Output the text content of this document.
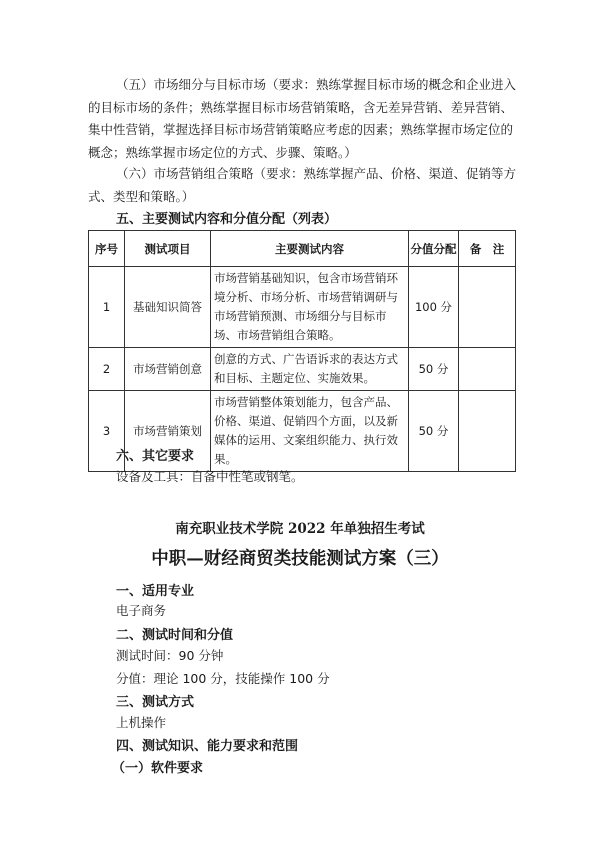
（五）市场细分与目标市场（要求：熟练掌握目标市场的概念和企业进入的目标市场的条件；熟练掌握目标市场营销策略，含无差异营销、差异营销、集中性营销，掌握选择目标市场营销策略应考虑的因素；熟练掌握市场定位的概念；熟练掌握市场定位的方式、步骤、策略。）
（六）市场营销组合策略（要求：熟练掌握产品、价格、渠道、促销等方式、类型和策略。）
五、主要测试内容和分值分配（列表）
序号	测试项目	主要测试内容	分值分配	备　注
1	基础知识简答	市场营销基础知识，包含市场营销环境分析、市场分析、市场营销调研与市场营销预测、市场细分与目标市场、市场营销组合策略。	100 分	
2	市场营销创意	创意的方式、广告语诉求的表达方式和目标、主题定位、实施效果。	50 分	
3	市场营销策划	市场营销整体策划能力，包含产品、价格、渠道、促销四个方面，以及新媒体的运用、文案组织能力、执行效果。	50 分	
六、其它要求
设备及工具：自备中性笔或钢笔。
南充职业技术学院 2022 年单独招生考试
中职—财经商贸类技能测试方案（三）
一、适用专业
电子商务
二、测试时间和分值
测试时间：90 分钟
分值：理论 100 分，技能操作 100 分
三、测试方式
上机操作
四、测试知识、能力要求和范围
（一）软件要求
